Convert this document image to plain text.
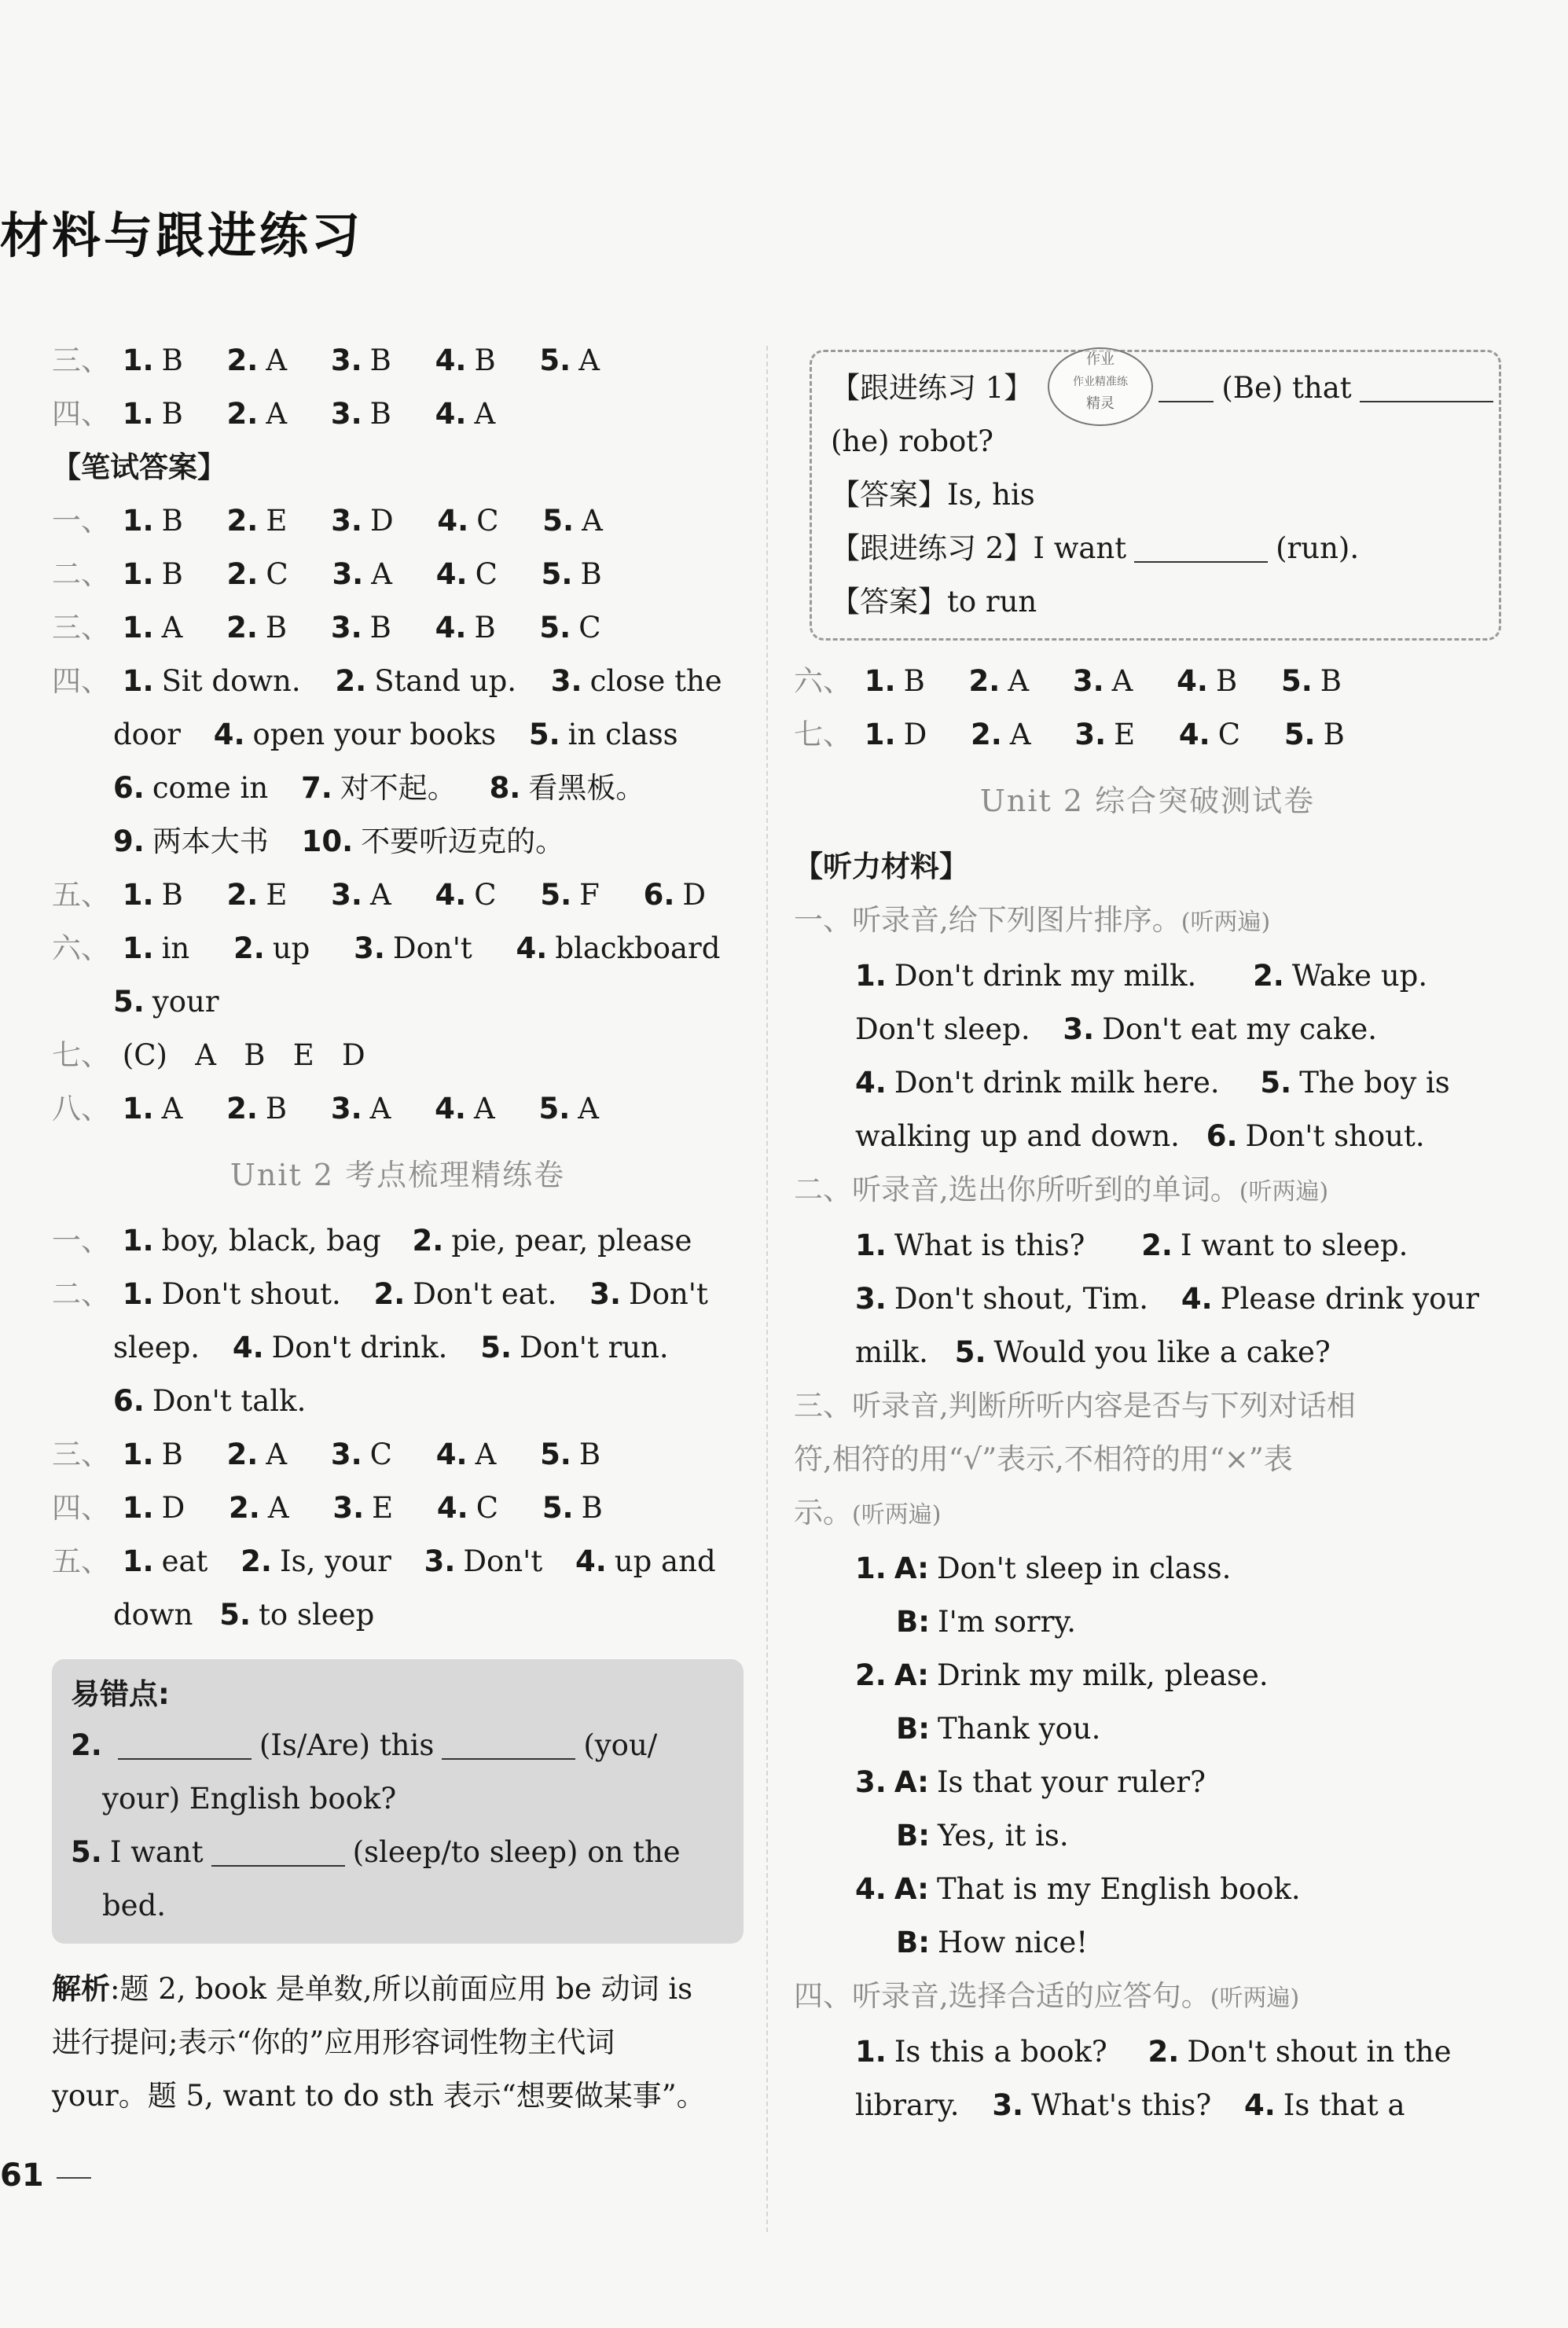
材料与跟进练习
三、 1. B 2. A 3. B 4. B 5. A
四、 1. B 2. A 3. B 4. A
【笔试答案】
一、 1. B 2. E 3. D 4. C 5. A
二、 1. B 2. C 3. A 4. C 5. B
三、 1. A 2. B 3. B 4. B 5. C
四、 1. Sit down. 2. Stand up. 3. close the
door 4. open your books 5. in class
6. come in 7. 对不起。 8. 看黑板。
9. 两本大书 10. 不要听迈克的。
五、 1. B 2. E 3. A 4. C 5. F 6. D
六、 1. in 2. up 3. Don't 4. blackboard
5. your
七、 (C)   A   B   E   D
八、 1. A 2. B 3. A 4. A 5. A
Unit 2 考点梳理精练卷
一、 1. boy, black, bag 2. pie, pear, please
二、 1. Don't shout. 2. Don't eat. 3. Don't
sleep. 4. Don't drink. 5. Don't run.
6. Don't talk.
三、 1. B 2. A 3. C 4. A 5. B
四、 1. D 2. A 3. E 4. C 5. B
五、 1. eat 2. Is, your 3. Don't 4. up and
down 5. to sleep
易错点:
2.	(Is/Are) this	(you/
your) English book?
5. I want	(sleep/to sleep) on the
bed.
解析:题 2, book 是单数,所以前面应用 be 动词 is
进行提问;表示“你的”应用形容词性物主代词
your。题 5, want to do sth 表示“想要做某事”。
作业
作业精准练
精灵
【跟进练习 1】	(Be) that
(he) robot?
【答案】Is, his
【跟进练习 2】I want	(run).
【答案】to run
六、 1. B 2. A 3. A 4. B 5. B
七、 1. D 2. A 3. E 4. C 5. B
Unit 2 综合突破测试卷
【听力材料】
一、听录音,给下列图片排序。(听两遍)
1. Don't drink my milk. 2. Wake up.
Don't sleep. 3. Don't eat my cake.
4. Don't drink milk here. 5. The boy is
walking up and down. 6. Don't shout.
二、听录音,选出你所听到的单词。(听两遍)
1. What is this? 2. I want to sleep.
3. Don't shout, Tim. 4. Please drink your
milk. 5. Would you like a cake?
三、听录音,判断所听内容是否与下列对话相
符,相符的用“√”表示,不相符的用“×”表
示。(听两遍)
1. A: Don't sleep in class.
B: I'm sorry.
2. A: Drink my milk, please.
B: Thank you.
3. A: Is that your ruler?
B: Yes, it is.
4. A: That is my English book.
B: How nice!
四、听录音,选择合适的应答句。(听两遍)
1. Is this a book? 2. Don't shout in the
library. 3. What's this? 4. Is that a
61
